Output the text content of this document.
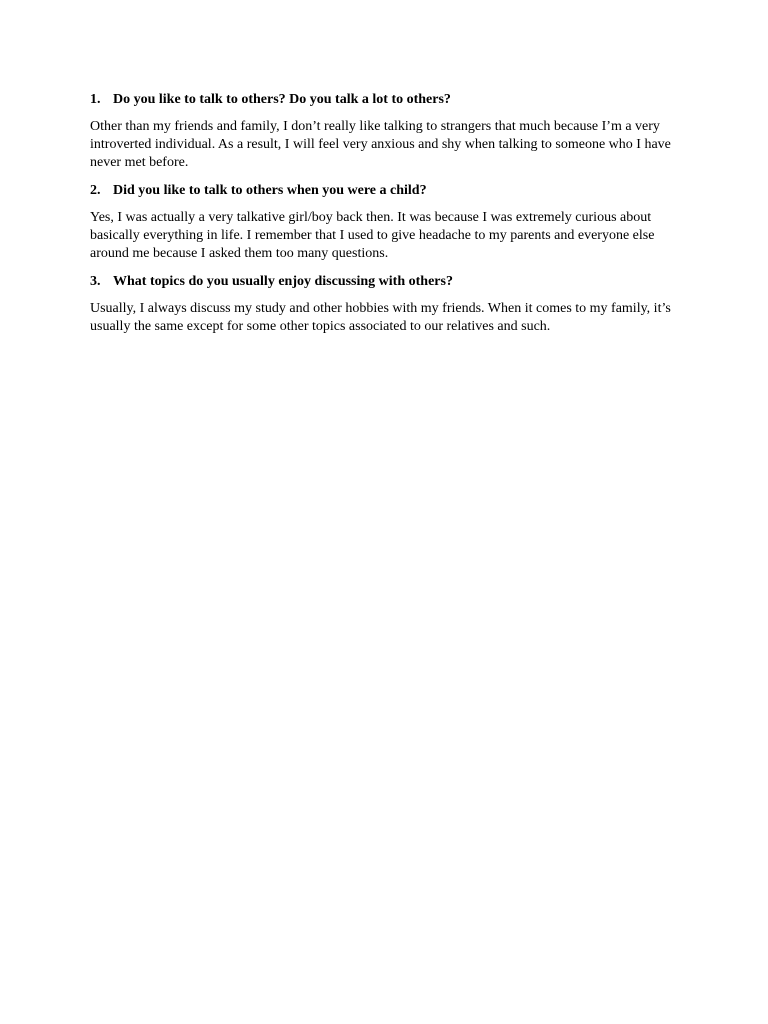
1. Do you like to talk to others? Do you talk a lot to others?

Other than my friends and family, I don’t really like talking to strangers that much because I’m a very introverted individual. As a result, I will feel very anxious and shy when talking to someone who I have never met before.

2. Did you like to talk to others when you were a child?

Yes, I was actually a very talkative girl/boy back then. It was because I was extremely curious about basically everything in life. I remember that I used to give headache to my parents and everyone else around me because I asked them too many questions.

3. What topics do you usually enjoy discussing with others?

Usually, I always discuss my study and other hobbies with my friends. When it comes to my family, it’s usually the same except for some other topics associated to our relatives and such.
